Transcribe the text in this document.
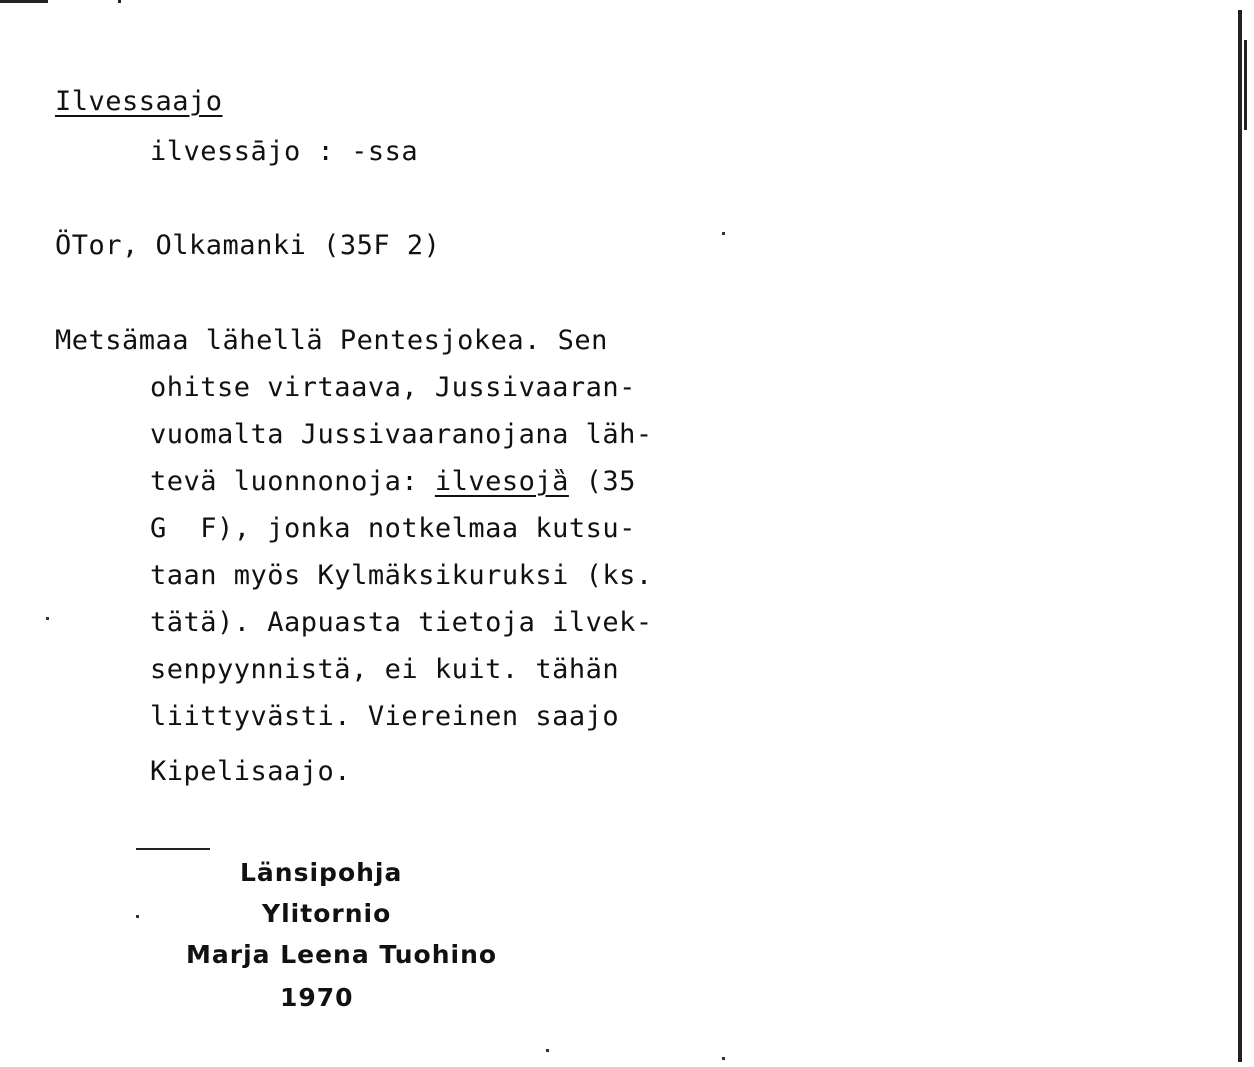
Ilvessaajo
ilvessāјo : -ssa
ÖTor, Olkamanki (35F 2)
Metsämaa lähellä Pentesjokea. Sen
ohitse virtaava, Jussivaaran-
vuomalta Jussivaaranojana läh-
tevä luonnonoja: ilvesojȁ (35
G  F), jonka notkelmaa kutsu-
taan myös Kylmäksikuruksi (ks.
tätä). Aapuasta tietoja ilvek-
senpyynnistä, ei kuit. tähän
liittyvästi. Viereinen saajo
Kipelisaajo.
Länsipohja
Ylitornio
Marja Leena Tuohino
1970
